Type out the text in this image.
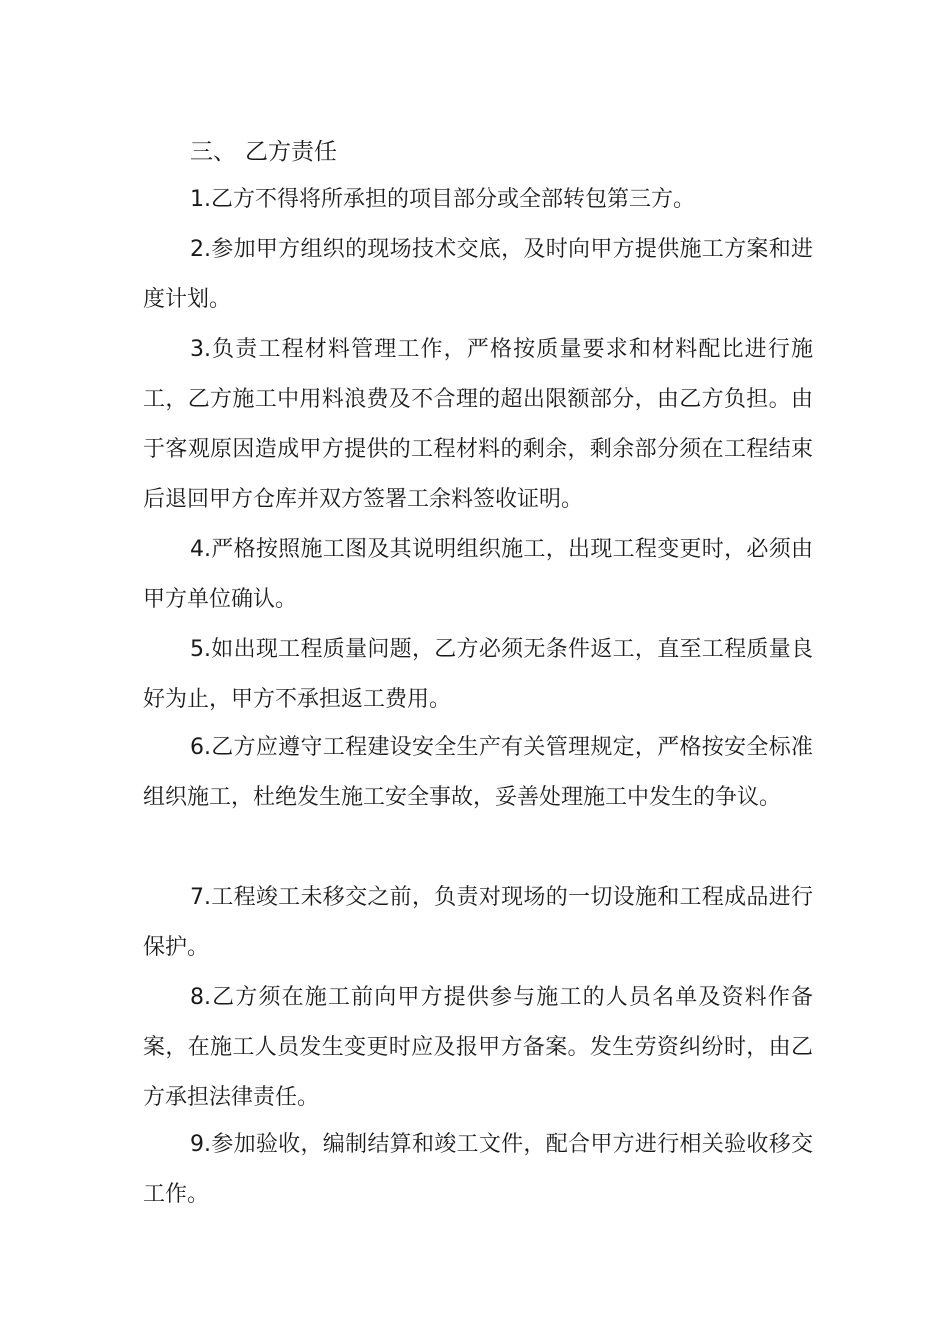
三、 乙方责任

1.乙方不得将所承担的项目部分或全部转包第三方。

2.参加甲方组织的现场技术交底，及时向甲方提供施工方案和进度计划。

3.负责工程材料管理工作，严格按质量要求和材料配比进行施工，乙方施工中用料浪费及不合理的超出限额部分，由乙方负担。由于客观原因造成甲方提供的工程材料的剩余，剩余部分须在工程结束后退回甲方仓库并双方签署工余料签收证明。

4.严格按照施工图及其说明组织施工，出现工程变更时，必须由甲方单位确认。

5.如出现工程质量问题，乙方必须无条件返工，直至工程质量良好为止，甲方不承担返工费用。

6.乙方应遵守工程建设安全生产有关管理规定，严格按安全标准组织施工，杜绝发生施工安全事故，妥善处理施工中发生的争议。

7.工程竣工未移交之前，负责对现场的一切设施和工程成品进行保护。

8.乙方须在施工前向甲方提供参与施工的人员名单及资料作备案，在施工人员发生变更时应及报甲方备案。发生劳资纠纷时，由乙方承担法律责任。

9.参加验收，编制结算和竣工文件，配合甲方进行相关验收移交工作。
